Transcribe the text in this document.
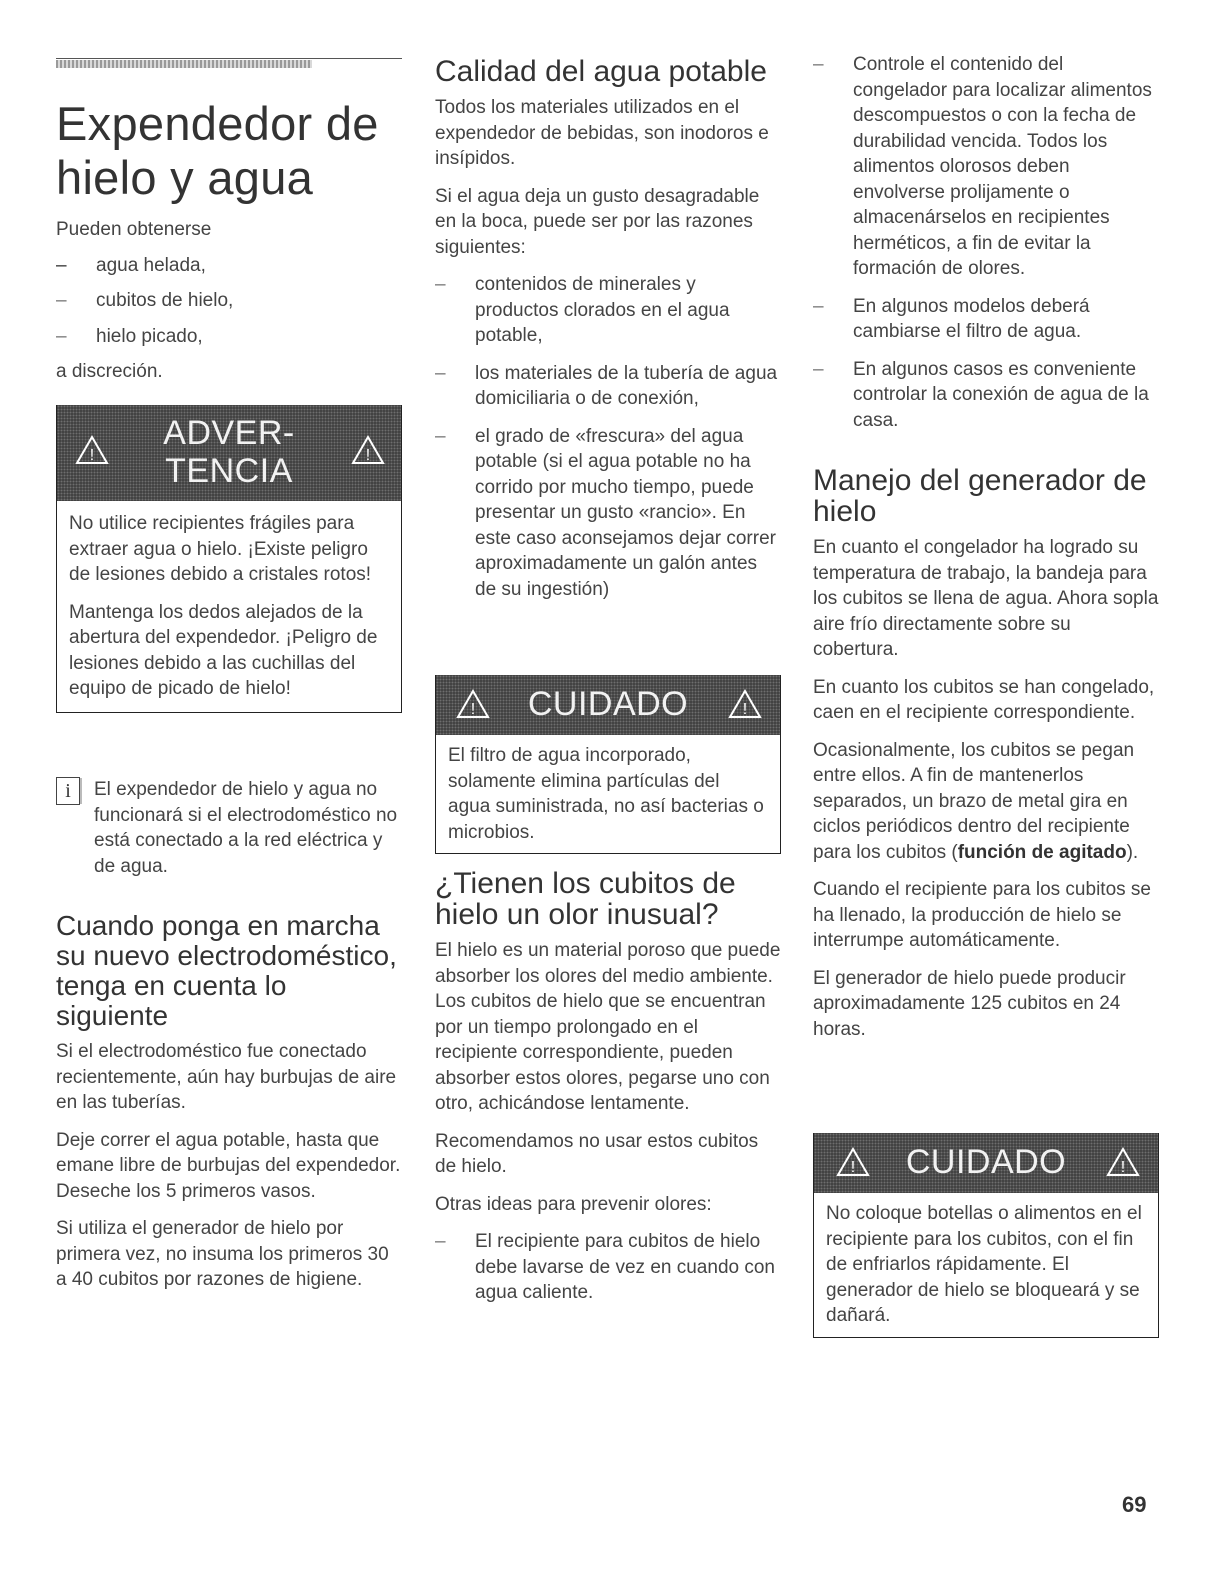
Expendedor de
hielo y agua

Pueden obtenerse

– agua helada,
– cubitos de hielo,
– hielo picado,

a discreción.

!
ADVER-
TENCIA	!

No utilice recipientes frágiles para extraer agua o hielo. ¡Existe peligro de lesiones debido a cristales rotos!

Mantenga los dedos alejados de la abertura del expendedor. ¡Peligro de lesiones debido a las cuchillas del equipo de picado de hielo!

i	El expendedor de hielo y agua no funcionará si el electrodoméstico no está conectado a la red eléctrica y de agua.

Cuando ponga en marcha su nuevo electrodoméstico, tenga en cuenta lo siguiente

Si el electrodoméstico fue conectado recientemente, aún hay burbujas de aire en las tuberías.

Deje correr el agua potable, hasta que emane libre de burbujas del expendedor. Deseche los 5 primeros vasos.

Si utiliza el generador de hielo por primera vez, no insuma los primeros 30 a 40 cubitos por razones de higiene.

Calidad del agua potable

Todos los materiales utilizados en el expendedor de bebidas, son inodoros e insípidos.

Si el agua deja un gusto desagradable en la boca, puede ser por las razones siguientes:

– contenidos de minerales y productos clorados en el agua potable,
– los materiales de la tubería de agua domiciliaria o de conexión,
– el grado de «frescura» del agua potable (si el agua potable no ha corrido por mucho tiempo, puede presentar un gusto «rancio». En este caso aconsejamos dejar correr aproximadamente un galón antes de su ingestión)
!	CUIDADO	!

El filtro de agua incorporado, solamente elimina partículas del agua suministrada, no así bacterias o microbios.

¿Tienen los cubitos de hielo un olor inusual?

El hielo es un material poroso que puede absorber los olores del medio ambiente. Los cubitos de hielo que se encuentran por un tiempo prolongado en el recipiente correspondiente, pueden absorber estos olores, pegarse uno con otro, achicándose lentamente.

Recomendamos no usar estos cubitos de hielo.

Otras ideas para prevenir olores:

– El recipiente para cubitos de hielo debe lavarse de vez en cuando con agua caliente.
– Controle el contenido del congelador para localizar alimentos descompuestos o con la fecha de durabilidad vencida. Todos los alimentos olorosos deben envolverse prolijamente o almacenárselos en recipientes herméticos, a fin de evitar la formación de olores.
– En algunos modelos deberá cambiarse el filtro de agua.
– En algunos casos es conveniente controlar la conexión de agua de la casa.
Manejo del generador de hielo

En cuanto el congelador ha logrado su temperatura de trabajo, la bandeja para los cubitos se llena de agua. Ahora sopla aire frío directamente sobre su cobertura.

En cuanto los cubitos se han congelado, caen en el recipiente correspondiente.

Ocasionalmente, los cubitos se pegan entre ellos. A fin de mantenerlos separados, un brazo de metal gira en ciclos periódicos dentro del recipiente para los cubitos (función de agitado).

Cuando el recipiente para los cubitos se ha llenado, la producción de hielo se interrumpe automáticamente.

El generador de hielo puede producir aproximadamente 125 cubitos en 24 horas.

!	CUIDADO	!

No coloque botellas o alimentos en el recipiente para los cubitos, con el fin de enfriarlos rápidamente. El generador de hielo se bloqueará y se dañará.

69
